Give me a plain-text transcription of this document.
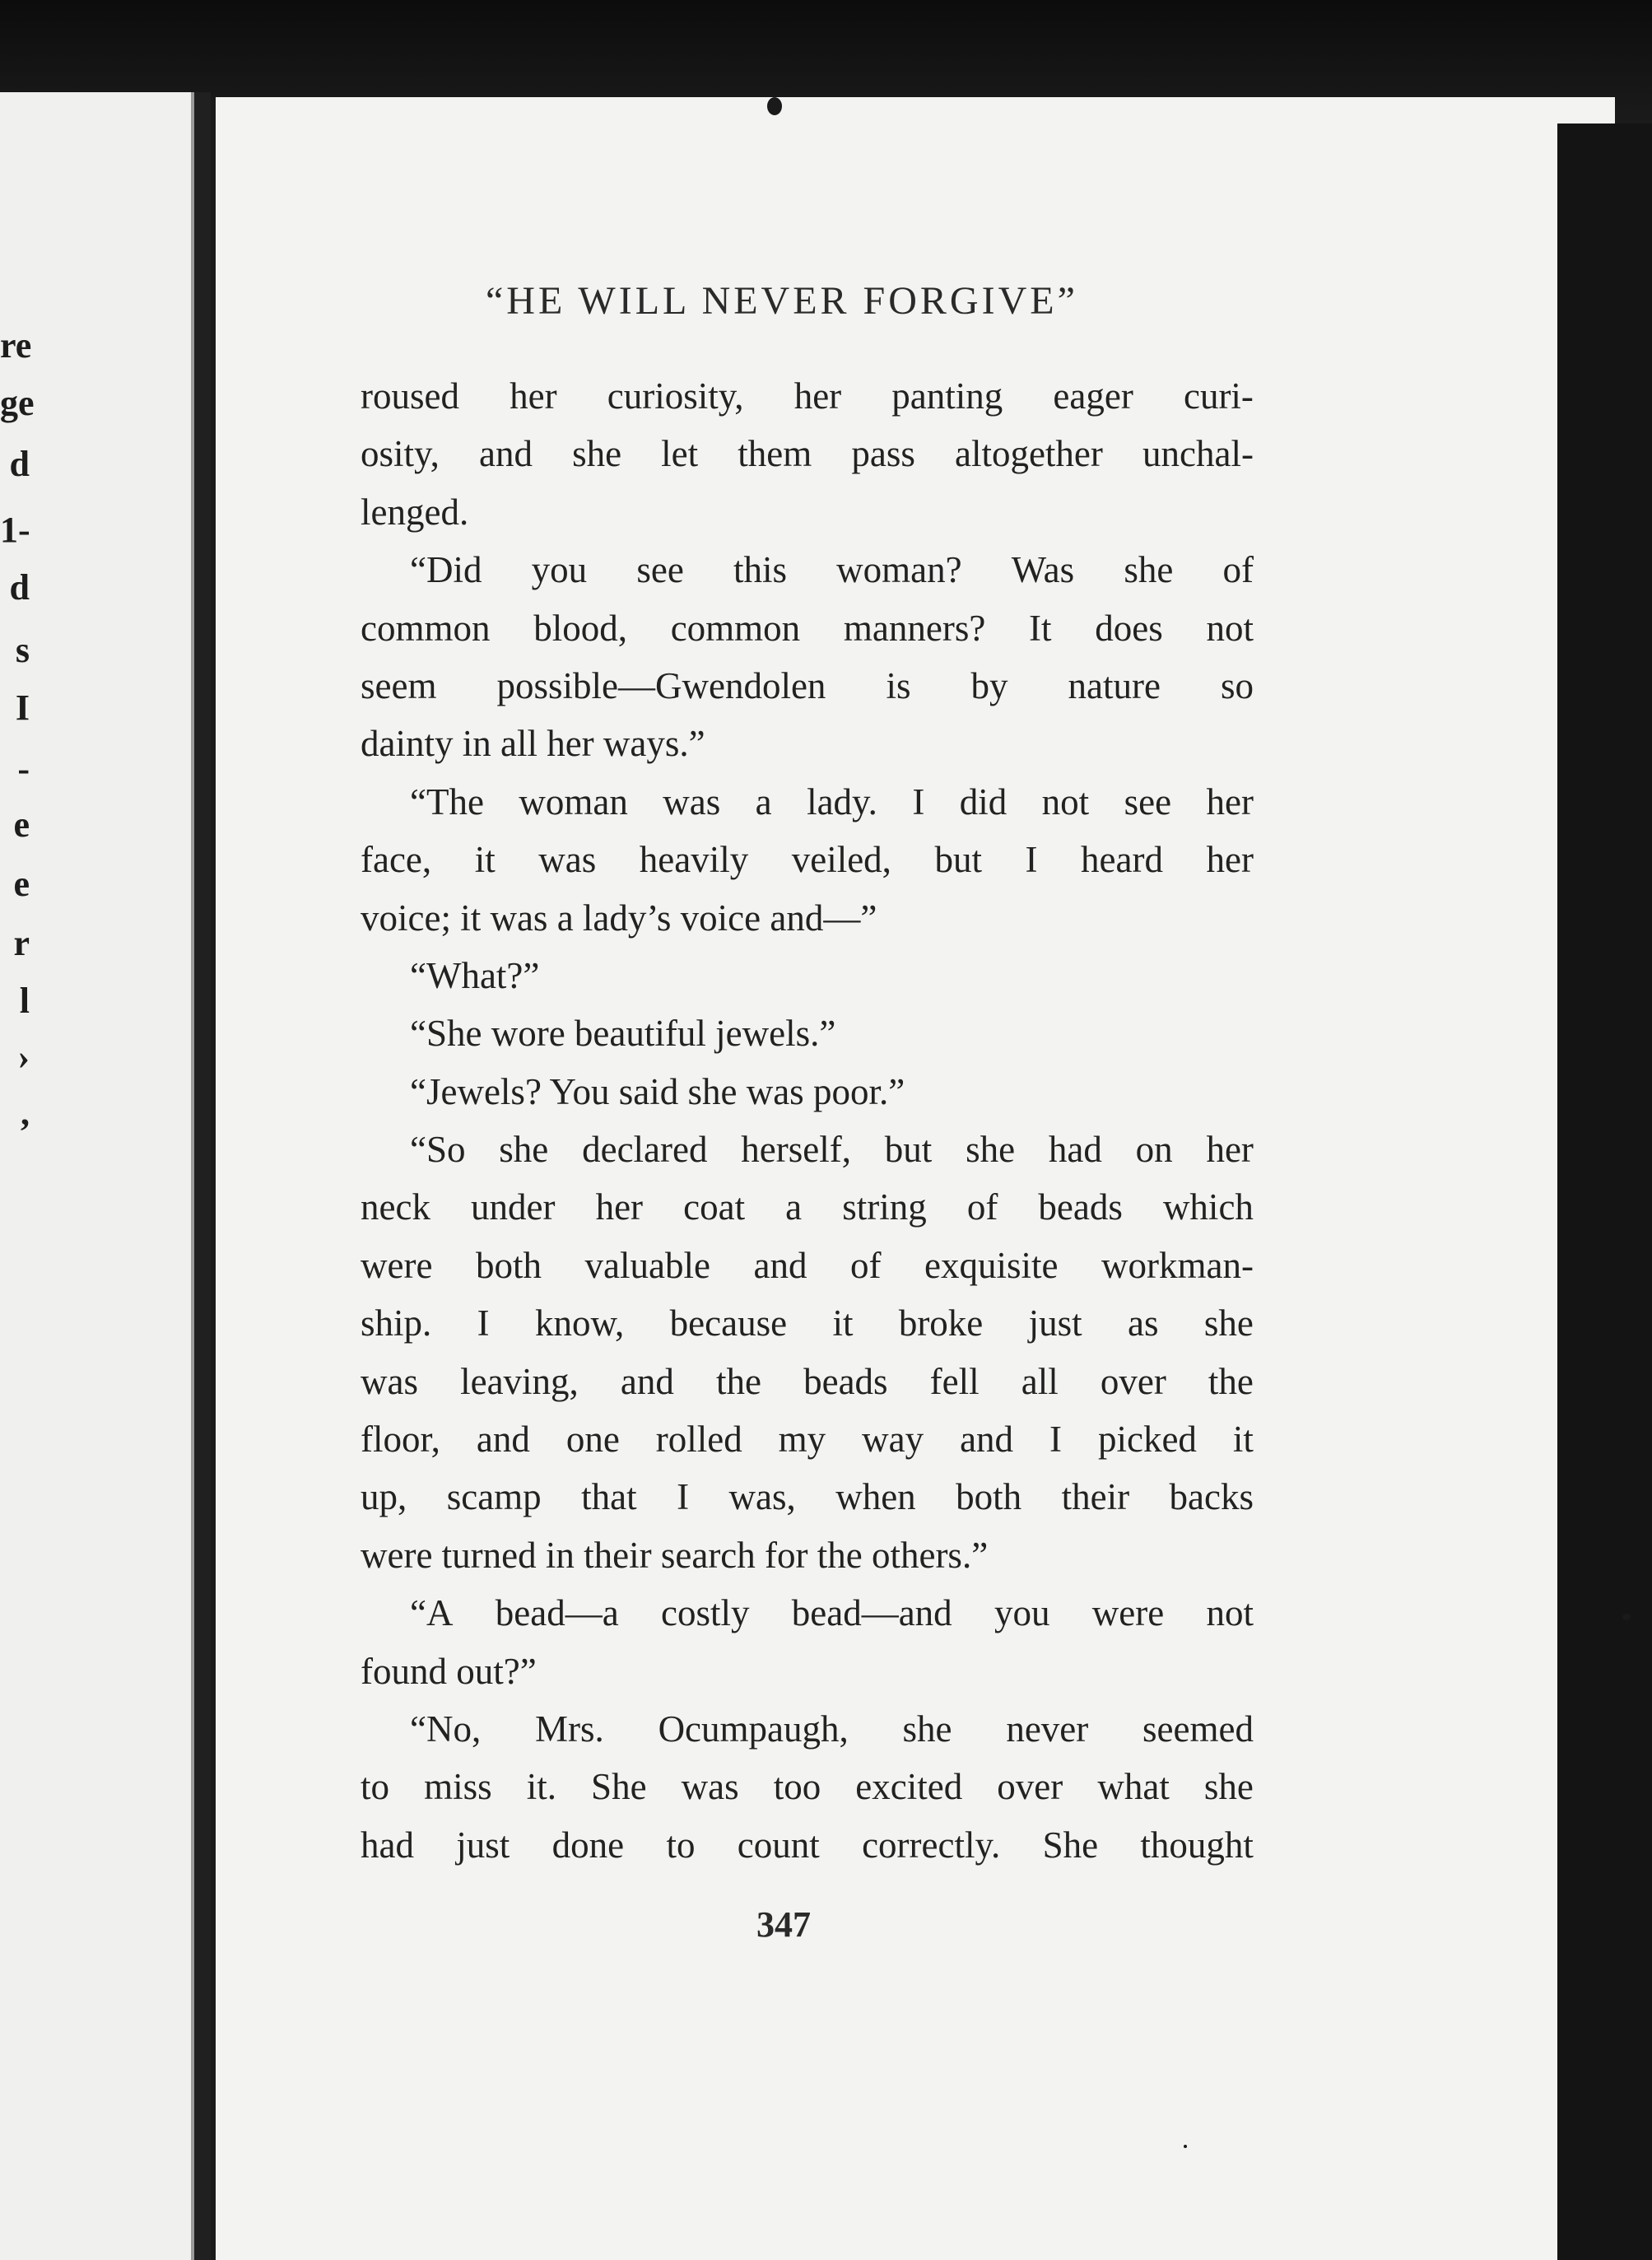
re
ge
d
1-
d
s
I
-
e
e
r
l
›
,
“HE WILL NEVER FORGIVE”
roused her curiosity, her panting eager curi-
osity, and she let them pass altogether unchal-
lenged.
“Did you see this woman? Was she of
common blood, common manners? It does not
seem possible—Gwendolen is by nature so
dainty in all her ways.”
“The woman was a lady. I did not see her
face, it was heavily veiled, but I heard her
voice; it was a lady’s voice and—”
“What?”
“She wore beautiful jewels.”
“Jewels? You said she was poor.”
“So she declared herself, but she had on her
neck under her coat a string of beads which
were both valuable and of exquisite workman-
ship. I know, because it broke just as she
was leaving, and the beads fell all over the
floor, and one rolled my way and I picked it
up, scamp that I was, when both their backs
were turned in their search for the others.”
“A bead—a costly bead—and you were not
found out?”
“No, Mrs. Ocumpaugh, she never seemed
to miss it. She was too excited over what she
had just done to count correctly. She thought
347
